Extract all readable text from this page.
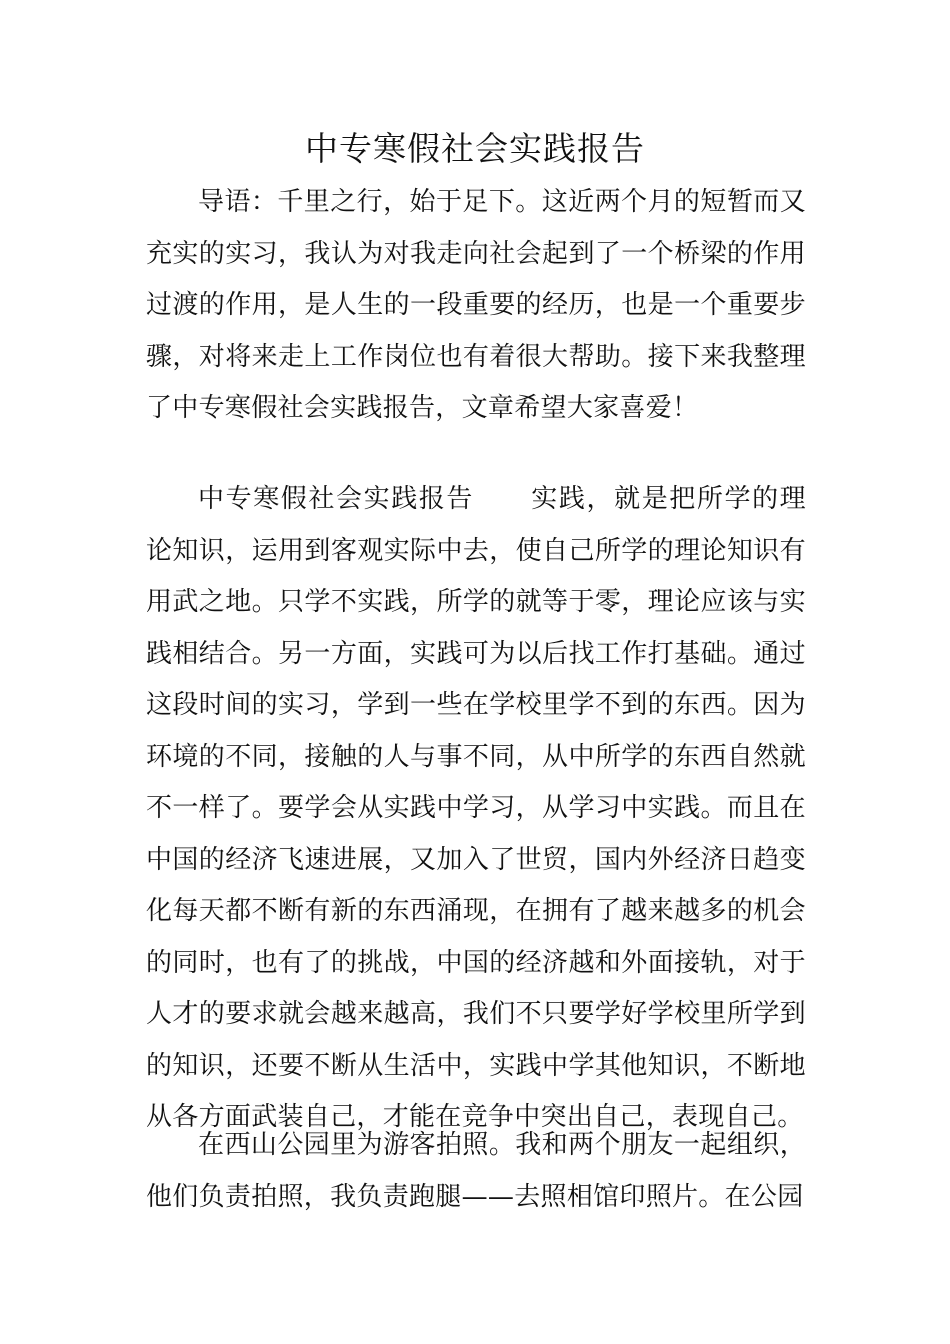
中专寒假社会实践报告

导语：千里之行，始于足下。这近两个月的短暂而又充实的实习，我认为对我走向社会起到了一个桥梁的作用过渡的作用，是人生的一段重要的经历，也是一个重要步骤，对将来走上工作岗位也有着很大帮助。接下来我整理了中专寒假社会实践报告，文章希望大家喜爱！

中专寒假社会实践报告 实践，就是把所学的理论知识，运用到客观实际中去，使自己所学的理论知识有用武之地。只学不实践，所学的就等于零，理论应该与实践相结合。另一方面，实践可为以后找工作打基础。通过这段时间的实习，学到一些在学校里学不到的东西。因为环境的不同，接触的人与事不同，从中所学的东西自然就不一样了。要学会从实践中学习，从学习中实践。而且在中国的经济飞速进展，又加入了世贸，国内外经济日趋变化每天都不断有新的东西涌现，在拥有了越来越多的机会的同时，也有了的挑战，中国的经济越和外面接轨，对于人才的要求就会越来越高，我们不只要学好学校里所学到的知识，还要不断从生活中，实践中学其他知识，不断地从各方面武装自己，才能在竞争中突出自己，表现自己。

在西山公园里为游客拍照。我和两个朋友一起组织，他们负责拍照，我负责跑腿——去照相馆印照片。在公园
